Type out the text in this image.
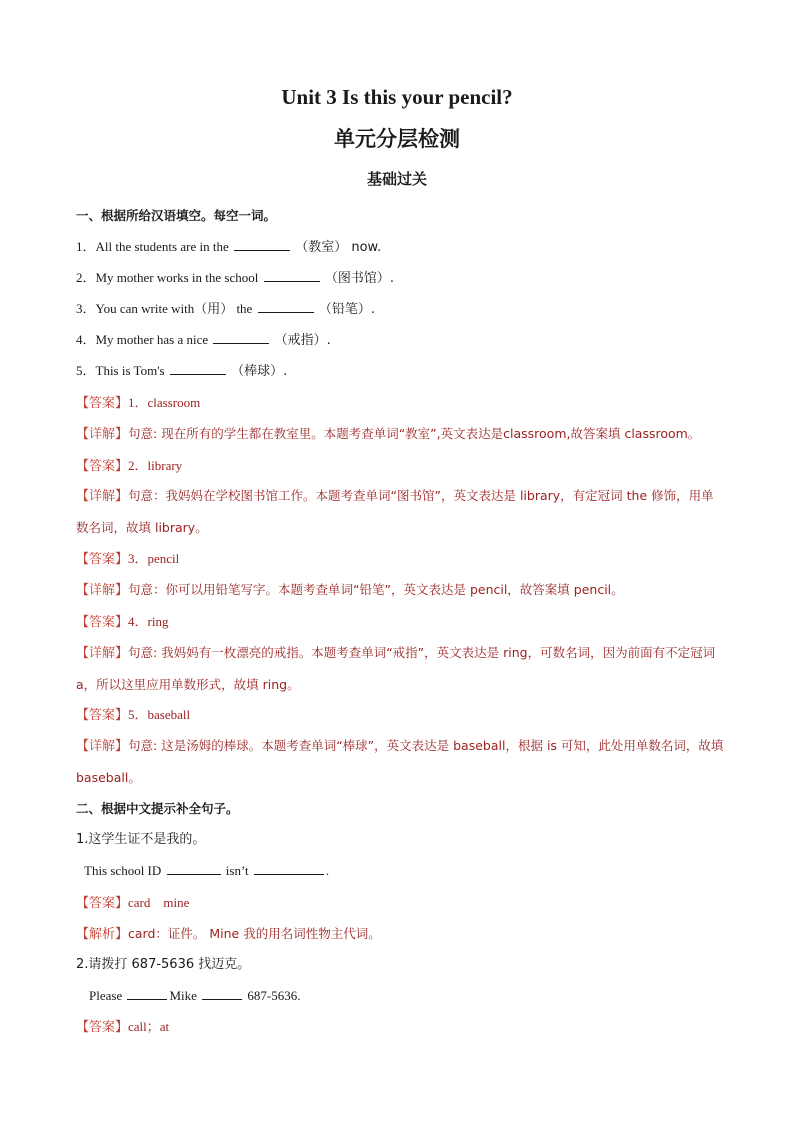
Unit 3 Is this your pencil?
单元分层检测
基础过关
一、根据所给汉语填空。每空一词。
1．All the students are in the	（教室） now.
2．My mother works in the school	（图书馆）.
3．You can write with（用） the	（铅笔）.
4．My mother has a nice	（戒指）.
5．This is Tom's	（棒球）.
【答案】1．classroom
【详解】句意: 现在所有的学生都在教室里。本题考查单词“教室”,英文表达是classroom,故答案填 classroom。
【答案】2．library
【详解】句意：我妈妈在学校图书馆工作。本题考查单词“图书馆”，英文表达是 library，有定冠词 the 修饰，用单数名词，故填 library。
【答案】3．pencil
【详解】句意：你可以用铅笔写字。本题考查单词“铅笔”，英文表达是 pencil，故答案填 pencil。
【答案】4．ring
【详解】句意: 我妈妈有一枚漂亮的戒指。本题考查单词“戒指”，英文表达是 ring，可数名词，因为前面有不定冠词 a，所以这里应用单数形式，故填 ring。
【答案】5．baseball
【详解】句意: 这是汤姆的棒球。本题考查单词“棒球”，英文表达是 baseball，根据 is 可知，此处用单数名词，故填 baseball。
二、根据中文提示补全句子。
1.这学生证不是我的。
This school ID	isn’t	.
【答案】card    mine
【解析】card：证件。 Mine 我的用名词性物主代词。
2.请拨打 687-5636 找迈克。
Please	Mike	687-5636.
【答案】call；at
